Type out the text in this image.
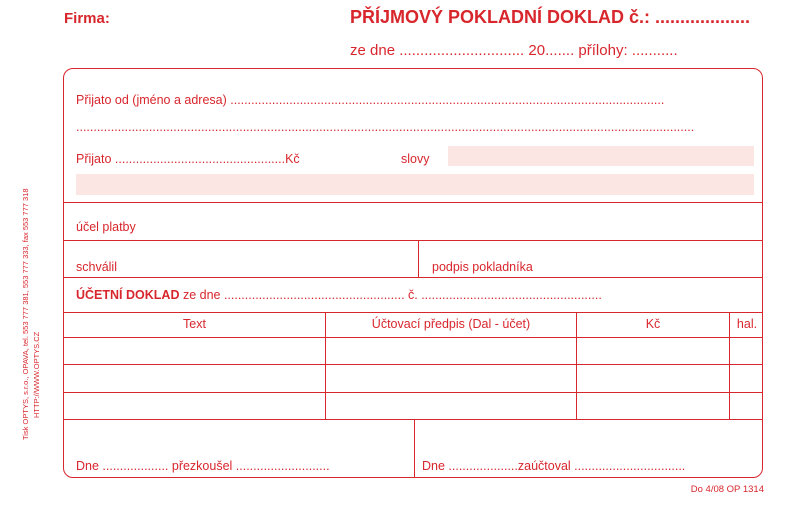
Firma:	PŘÍJMOVÝ POKLADNÍ DOKLAD č.: ...................
ze dne .............................. 20....... přílohy: ...........
Tisk OPTYS, s.r.o., OPAVA, tel. 553 777 381, 553 777 333, fax 553 777 318 HTTP://WWW.OPTYS.CZ
Přijato od (jméno a adresa) .............................................................................................................................
..................................................................................................................................................................................
Přijato .................................................Kč	slovy
účel platby
schválil	podpis pokladníka
ÚČETNÍ DOKLAD ze dne .................................................... č. ....................................................
Text	Účtovací předpis (Dal - účet)	Kč	hal.
Dne ................... přezkoušel ...........................	Dne ....................zaúčtoval ................................
Do 4/08 OP 1314
